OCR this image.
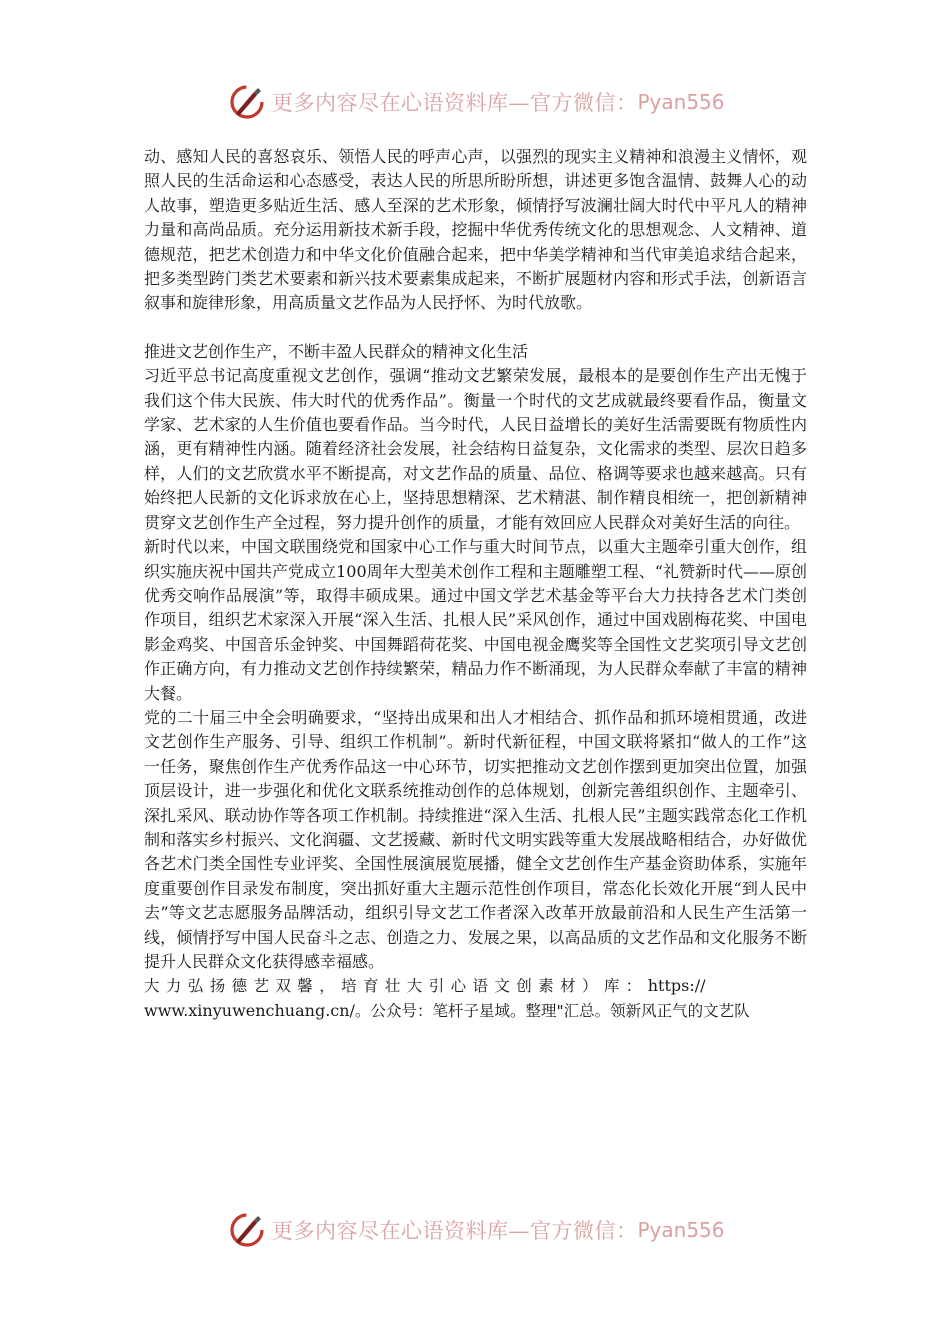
更多内容尽在心语资料库—官方微信： Pyan556

动、感知人民的喜怒哀乐、领悟人民的呼声心声，以强烈的现实主义精神和浪漫主义情怀，观照人民的生活命运和心态感受，表达人民的所思所盼所想，讲述更多饱含温情、鼓舞人心的动人故事，塑造更多贴近生活、感人至深的艺术形象，倾情抒写波澜壮阔大时代中平凡人的精神力量和高尚品质。充分运用新技术新手段，挖掘中华优秀传统文化的思想观念、人文精神、道德规范，把艺术创造力和中华文化价值融合起来，把中华美学精神和当代审美追求结合起来，把多类型跨门类艺术要素和新兴技术要素集成起来，不断扩展题材内容和形式手法，创新语言叙事和旋律形象，用高质量文艺作品为人民抒怀、为时代放歌。

推进文艺创作生产，不断丰盈人民群众的精神文化生活

习近平总书记高度重视文艺创作，强调“推动文艺繁荣发展，最根本的是要创作生产出无愧于我们这个伟大民族、伟大时代的优秀作品”。衡量一个时代的文艺成就最终要看作品，衡量文学家、艺术家的人生价值也要看作品。当今时代，人民日益增长的美好生活需要既有物质性内涵，更有精神性内涵。随着经济社会发展，社会结构日益复杂，文化需求的类型、层次日趋多样，人们的文艺欣赏水平不断提高，对文艺作品的质量、品位、格调等要求也越来越高。只有始终把人民新的文化诉求放在心上，坚持思想精深、艺术精湛、制作精良相统一，把创新精神贯穿文艺创作生产全过程，努力提升创作的质量，才能有效回应人民群众对美好生活的向往。

新时代以来，中国文联围绕党和国家中心工作与重大时间节点，以重大主题牵引重大创作，组织实施庆祝中国共产党成立100周年大型美术创作工程和主题雕塑工程、“礼赞新时代——原创优秀交响作品展演”等，取得丰硕成果。通过中国文学艺术基金等平台大力扶持各艺术门类创作项目，组织艺术家深入开展“深入生活、扎根人民”采风创作，通过中国戏剧梅花奖、中国电影金鸡奖、中国音乐金钟奖、中国舞蹈荷花奖、中国电视金鹰奖等全国性文艺奖项引导文艺创作正确方向，有力推动文艺创作持续繁荣，精品力作不断涌现，为人民群众奉献了丰富的精神大餐。

党的二十届三中全会明确要求，“坚持出成果和出人才相结合、抓作品和抓环境相贯通，改进文艺创作生产服务、引导、组织工作机制”。新时代新征程，中国文联将紧扣“做人的工作”这一任务，聚焦创作生产优秀作品这一中心环节，切实把推动文艺创作摆到更加突出位置，加强顶层设计，进一步强化和优化文联系统推动创作的总体规划，创新完善组织创作、主题牵引、深扎采风、联动协作等各项工作机制。持续推进“深入生活、扎根人民”主题实践常态化工作机制和落实乡村振兴、文化润疆、文艺援藏、新时代文明实践等重大发展战略相结合，办好做优各艺术门类全国性专业评奖、全国性展演展览展播，健全文艺创作生产基金资助体系，实施年度重要创作目录发布制度，突出抓好重大主题示范性创作项目，常态化长效化开展“到人民中去”等文艺志愿服务品牌活动，组织引导文艺工作者深入改革开放最前沿和人民生产生活第一线，倾情抒写中国人民奋斗之志、创造之力、发展之果，以高品质的文艺作品和文化服务不断提升人民群众文化获得感幸福感。

大力弘扬德艺双馨，培育壮大引心语文创素材）库：https://
www.xinyuwenchuang.cn/。公众号：笔杆子星域。整理"汇总。领新风正气的文艺队

更多内容尽在心语资料库—官方微信： Pyan556
